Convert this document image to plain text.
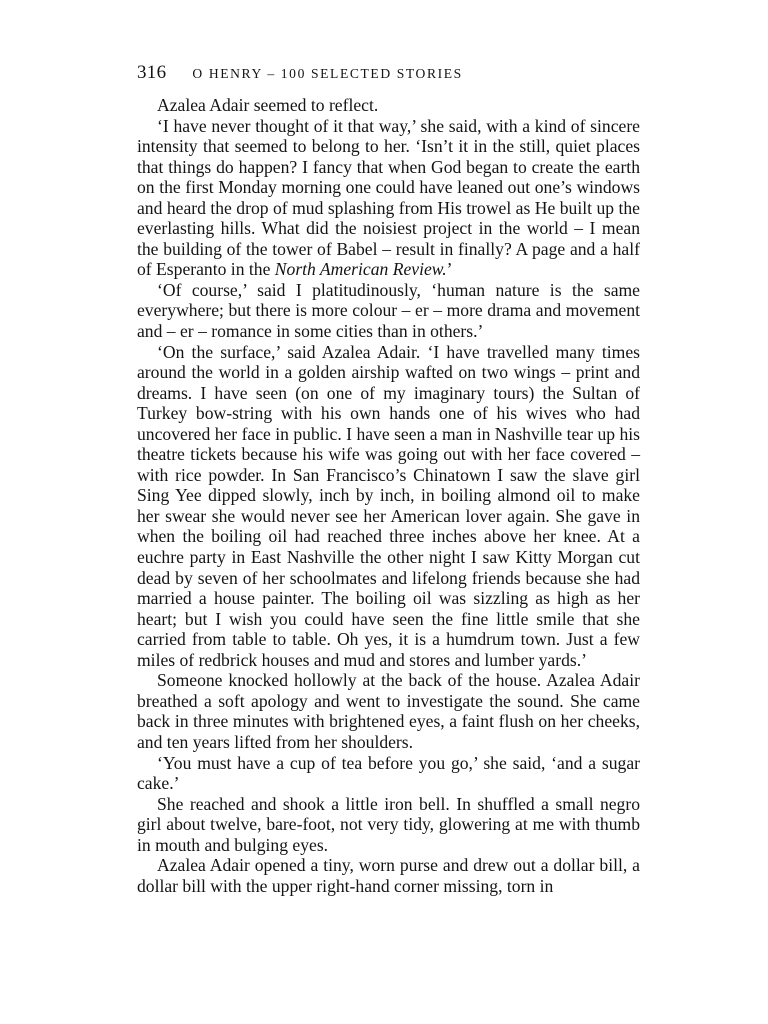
316 O HENRY – 100 SELECTED STORIES

Azalea Adair seemed to reflect.

‘I have never thought of it that way,’ she said, with a kind of sincere intensity that seemed to belong to her. ‘Isn’t it in the still, quiet places that things do happen? I fancy that when God began to create the earth on the first Monday morning one could have leaned out one’s windows and heard the drop of mud splashing from His trowel as He built up the everlasting hills. What did the noisiest project in the world – I mean the building of the tower of Babel – result in finally? A page and a half of Esperanto in the North American Review.’

‘Of course,’ said I platitudinously, ‘human nature is the same everywhere; but there is more colour – er – more drama and movement and – er – romance in some cities than in others.’

‘On the surface,’ said Azalea Adair. ‘I have travelled many times around the world in a golden airship wafted on two wings – print and dreams. I have seen (on one of my imaginary tours) the Sultan of Turkey bow-string with his own hands one of his wives who had uncovered her face in public. I have seen a man in Nashville tear up his theatre tickets because his wife was going out with her face covered – with rice powder. In San Francisco’s Chinatown I saw the slave girl Sing Yee dipped slowly, inch by inch, in boiling almond oil to make her swear she would never see her American lover again. She gave in when the boiling oil had reached three inches above her knee. At a euchre party in East Nashville the other night I saw Kitty Morgan cut dead by seven of her schoolmates and lifelong friends because she had married a house painter. The boiling oil was sizzling as high as her heart; but I wish you could have seen the fine little smile that she carried from table to table. Oh yes, it is a humdrum town. Just a few miles of redbrick houses and mud and stores and lumber yards.’

Someone knocked hollowly at the back of the house. Azalea Adair breathed a soft apology and went to investigate the sound. She came back in three minutes with brightened eyes, a faint flush on her cheeks, and ten years lifted from her shoulders.

‘You must have a cup of tea before you go,’ she said, ‘and a sugar cake.’

She reached and shook a little iron bell. In shuffled a small negro girl about twelve, bare-foot, not very tidy, glowering at me with thumb in mouth and bulging eyes.

Azalea Adair opened a tiny, worn purse and drew out a dollar bill, a dollar bill with the upper right-hand corner missing, torn in
